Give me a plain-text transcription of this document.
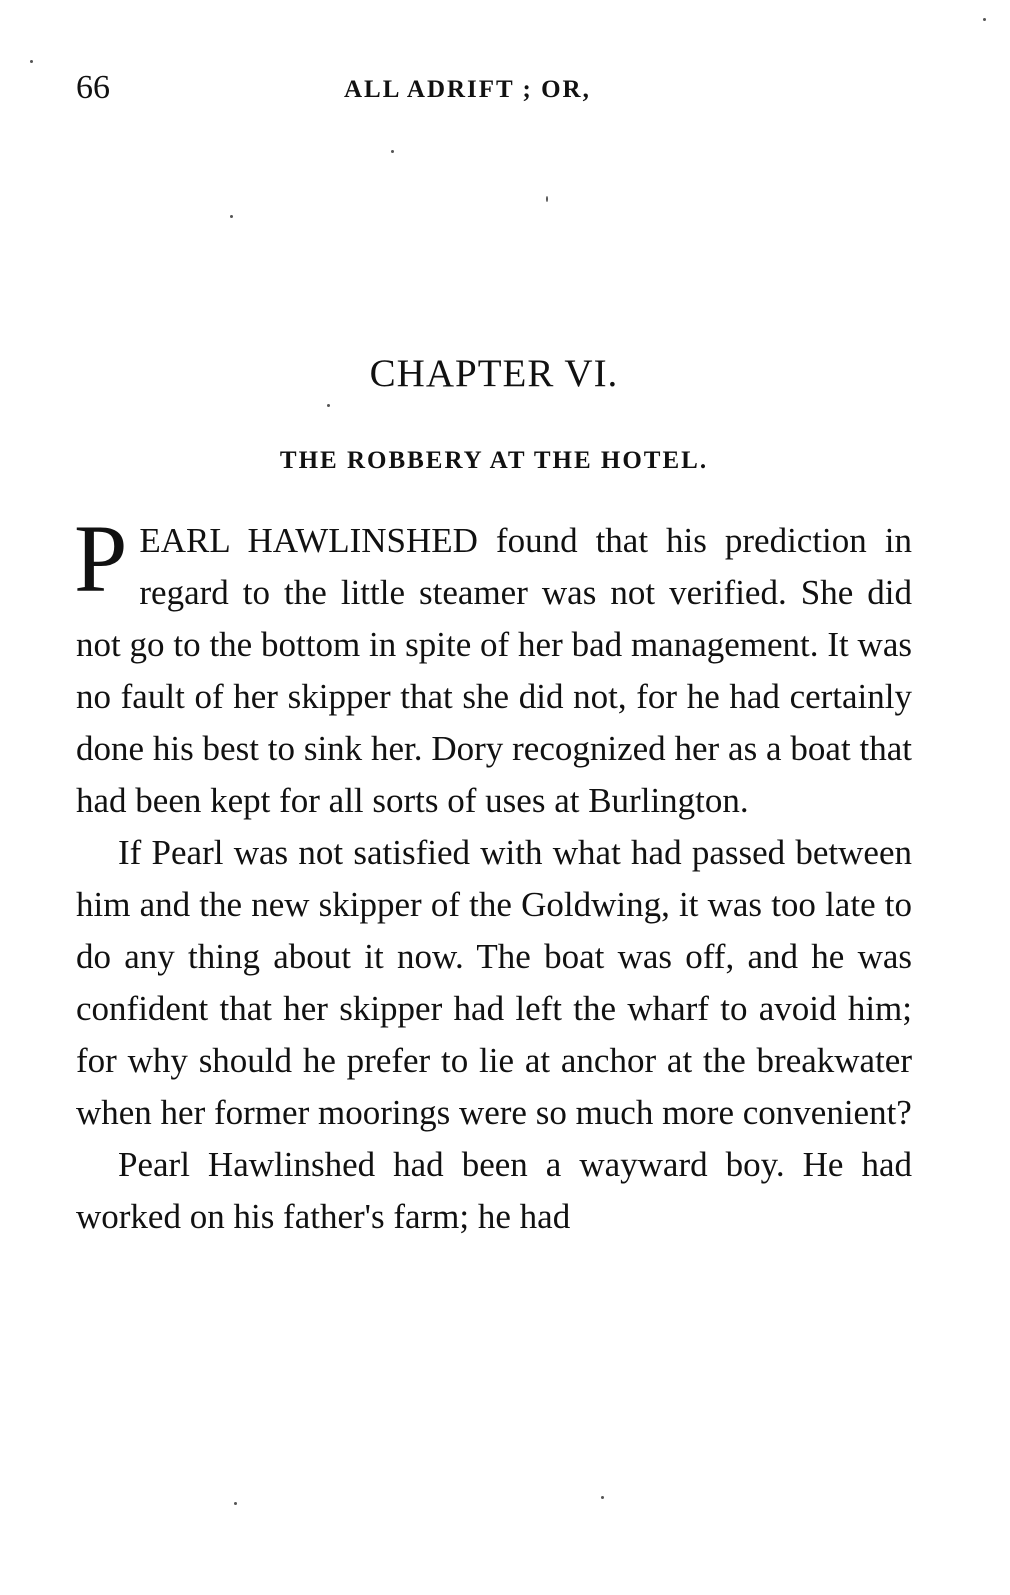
66	ALL ADRIFT ; OR,
CHAPTER VI.
THE ROBBERY AT THE HOTEL.

PEARL HAWLINSHED found that his prediction in regard to the little steamer was not verified. She did not go to the bottom in spite of her bad management. It was no fault of her skipper that she did not, for he had certainly done his best to sink her. Dory recognized her as a boat that had been kept for all sorts of uses at Burlington.

If Pearl was not satisfied with what had passed between him and the new skipper of the Goldwing, it was too late to do any thing about it now. The boat was off, and he was confident that her skipper had left the wharf to avoid him; for why should he prefer to lie at anchor at the breakwater when her former moorings were so much more convenient?

Pearl Hawlinshed had been a wayward boy. He had worked on his father's farm; he had
